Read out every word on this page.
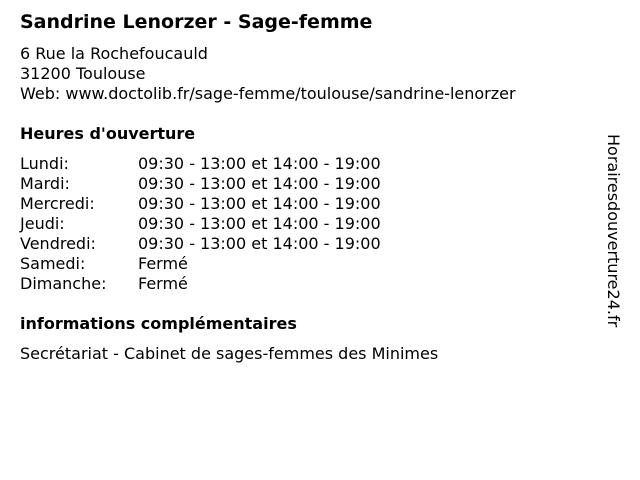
Sandrine Lenorzer - Sage-femme
6 Rue la Rochefoucauld
31200 Toulouse
Web: www.doctolib.fr/sage-femme/toulouse/sandrine-lenorzer
Heures d'ouverture
Lundi:	09:30 - 13:00 et 14:00 - 19:00
Mardi:	09:30 - 13:00 et 14:00 - 19:00
Mercredi:	09:30 - 13:00 et 14:00 - 19:00
Jeudi:	09:30 - 13:00 et 14:00 - 19:00
Vendredi:	09:30 - 13:00 et 14:00 - 19:00
Samedi:	Fermé
Dimanche: Fermé
informations complémentaires
Secrétariat - Cabinet de sages-femmes des Minimes
Horairesdouverture24.fr
